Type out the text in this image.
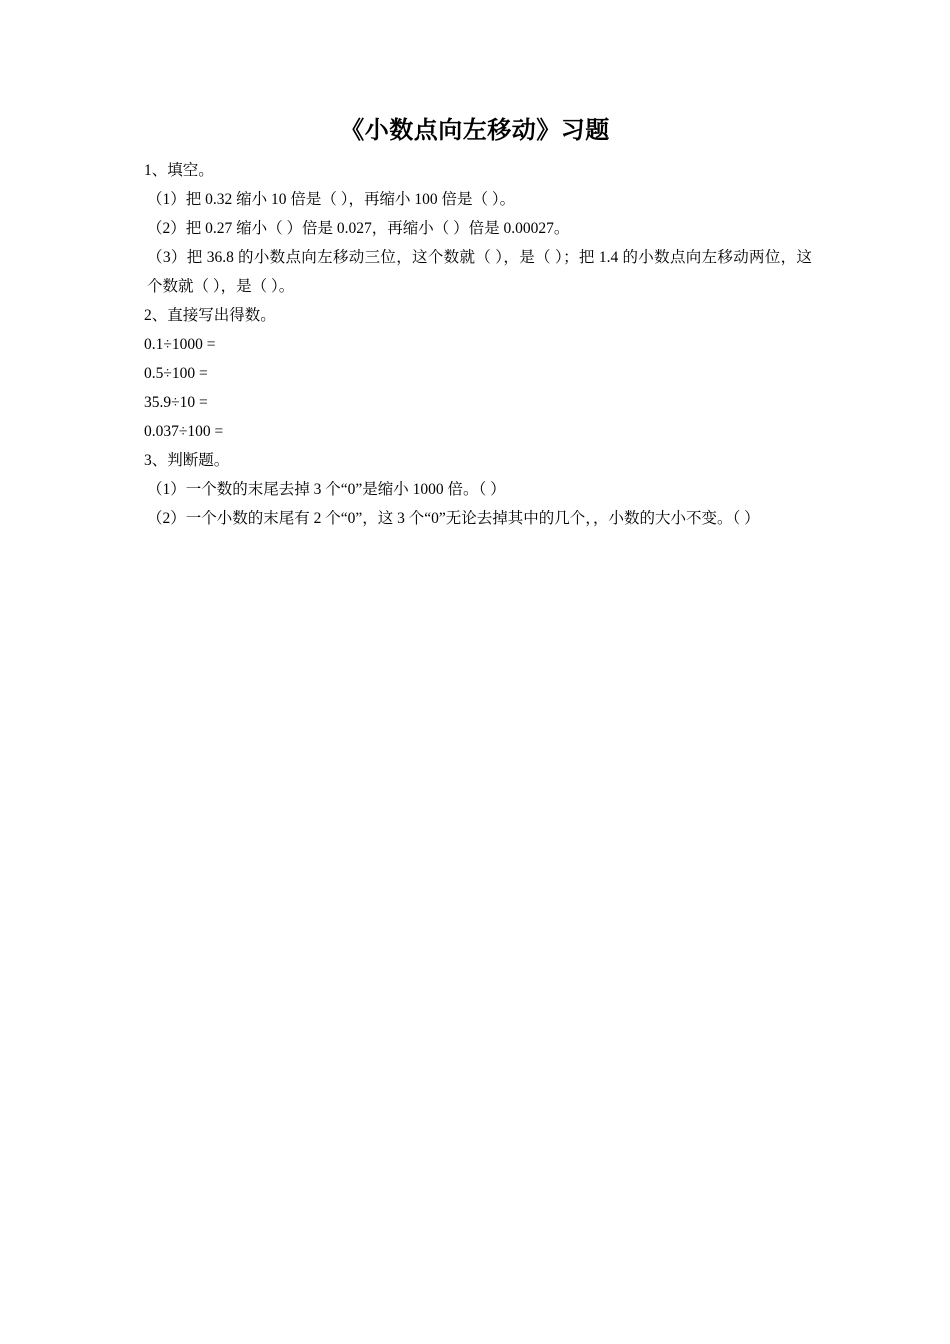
《小数点向左移动》习题

1、填空。

（1）把 0.32 缩小 10 倍是（ ），再缩小 100 倍是（ ）。

（2）把 0.27 缩小（ ）倍是 0.027，再缩小（ ）倍是 0.00027。

（3）把 36.8 的小数点向左移动三位，这个数就（ ），是（ ）；把 1.4 的小数点向左移动两位，这个数就（ ），是（ ）。

2、直接写出得数。

0.1÷1000 =

0.5÷100 =

35.9÷10 =

0.037÷100 =

3、判断题。

（1）一个数的末尾去掉 3 个“0”是缩小 1000 倍。（ ）

（2）一个小数的末尾有 2 个“0”，这 3 个“0”无论去掉其中的几个，，小数的大小不变。（ ）
